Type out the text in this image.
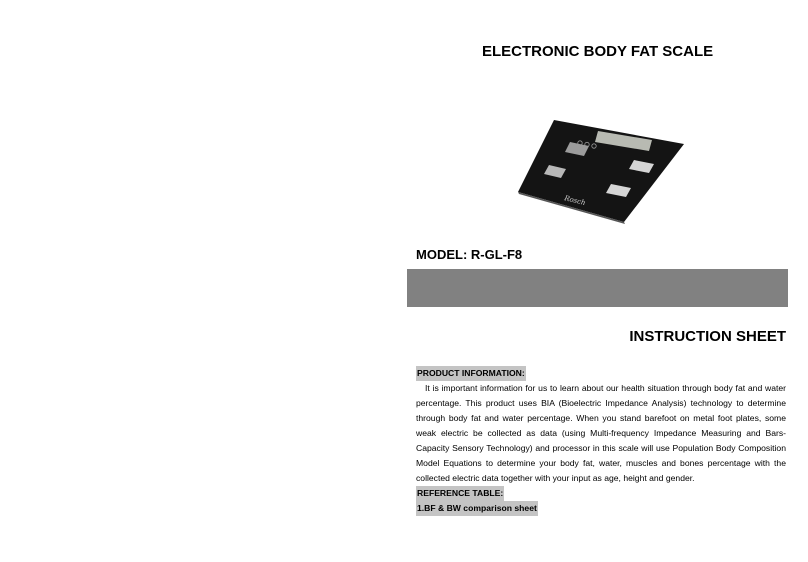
ELECTRONIC BODY FAT SCALE
Rosch
MODEL: R-GL-F8
INSTRUCTION SHEET
PRODUCT INFORMATION:

It is important information for us to learn about our health situation through body fat and water percentage. This product uses BIA (Bioelectric Impedance Analysis) technology to determine through body fat and water percentage. When you stand barefoot on metal foot plates, some weak electric be collected as data (using Multi-frequency Impedance Measuring and Bars-Capacity Sensory Technology) and processor in this scale will use Population Body Composition Model Equations to determine your body fat, water, muscles and bones percentage with the collected electric data together with your input as age, height and gender.

REFERENCE TABLE:
1.BF & BW comparison sheet
